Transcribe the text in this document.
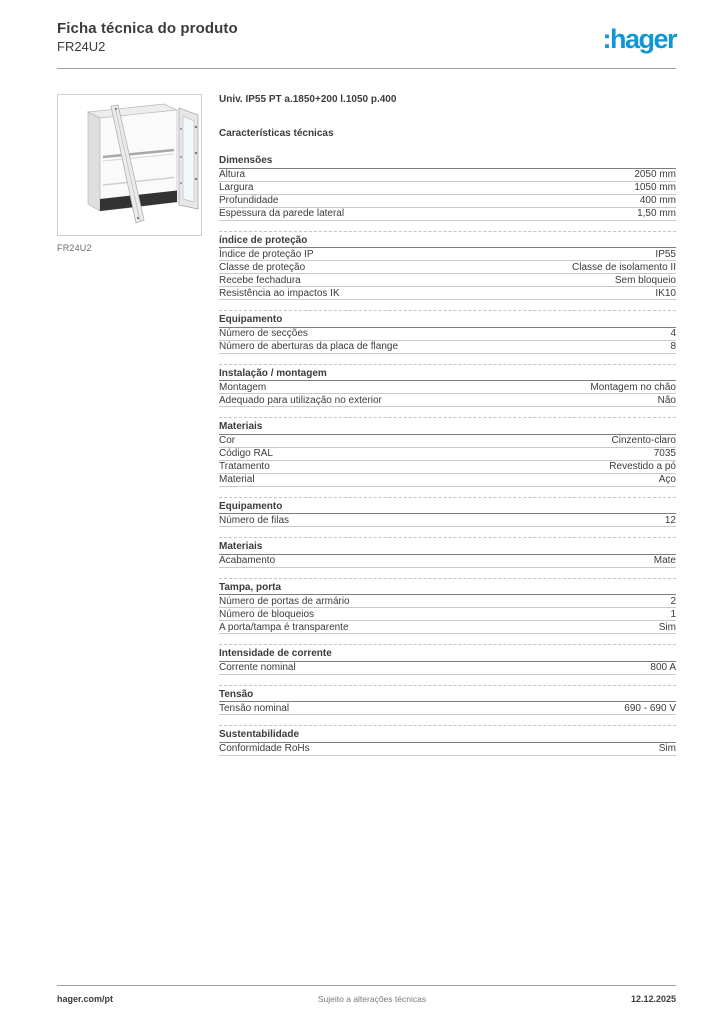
Ficha técnica do produto
FR24U2	:hager
FR24U2
Univ. IP55 PT a.1850+200 l.1050 p.400
Características técnicas
Dimensões
Altura	2050 mm
Largura	1050 mm
Profundidade	400 mm
Espessura da parede lateral	1,50 mm
índice de proteção
Índice de proteção IP	IP55
Classe de proteção	Classe de isolamento II
Recebe fechadura	Sem bloqueio
Resistência ao impactos IK	IK10
Equipamento
Número de secções	4
Número de aberturas da placa de flange	8
Instalação / montagem
Montagem	Montagem no chão
Adequado para utilização no exterior	Não
Materiais
Cor	Cinzento-claro
Código RAL	7035
Tratamento	Revestido a pó
Material	Aço
Equipamento
Número de filas	12
Materiais
Acabamento	Mate
Tampa, porta
Número de portas de armário	2
Número de bloqueios	1
A porta/tampa é transparente	Sim
Intensidade de corrente
Corrente nominal	800 A
Tensão
Tensão nominal	690 - 690 V
Sustentabilidade
Conformidade RoHs	Sim
hager.com/pt	Sujeito a alterações técnicas	12.12.2025
